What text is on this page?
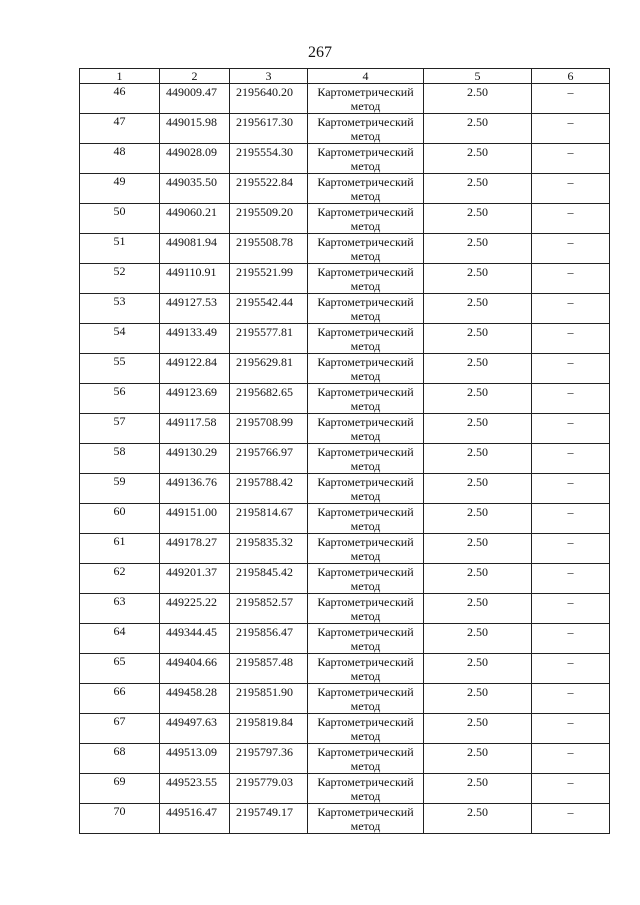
267
1	2	3	4	5	6
46	449009.47	2195640.20	Картометрический метод	2.50	–
47	449015.98	2195617.30	Картометрический метод	2.50	–
48	449028.09	2195554.30	Картометрический метод	2.50	–
49	449035.50	2195522.84	Картометрический метод	2.50	–
50	449060.21	2195509.20	Картометрический метод	2.50	–
51	449081.94	2195508.78	Картометрический метод	2.50	–
52	449110.91	2195521.99	Картометрический метод	2.50	–
53	449127.53	2195542.44	Картометрический метод	2.50	–
54	449133.49	2195577.81	Картометрический метод	2.50	–
55	449122.84	2195629.81	Картометрический метод	2.50	–
56	449123.69	2195682.65	Картометрический метод	2.50	–
57	449117.58	2195708.99	Картометрический метод	2.50	–
58	449130.29	2195766.97	Картометрический метод	2.50	–
59	449136.76	2195788.42	Картометрический метод	2.50	–
60	449151.00	2195814.67	Картометрический метод	2.50	–
61	449178.27	2195835.32	Картометрический метод	2.50	–
62	449201.37	2195845.42	Картометрический метод	2.50	–
63	449225.22	2195852.57	Картометрический метод	2.50	–
64	449344.45	2195856.47	Картометрический метод	2.50	–
65	449404.66	2195857.48	Картометрический метод	2.50	–
66	449458.28	2195851.90	Картометрический метод	2.50	–
67	449497.63	2195819.84	Картометрический метод	2.50	–
68	449513.09	2195797.36	Картометрический метод	2.50	–
69	449523.55	2195779.03	Картометрический метод	2.50	–
70	449516.47	2195749.17	Картометрический метод	2.50	–
